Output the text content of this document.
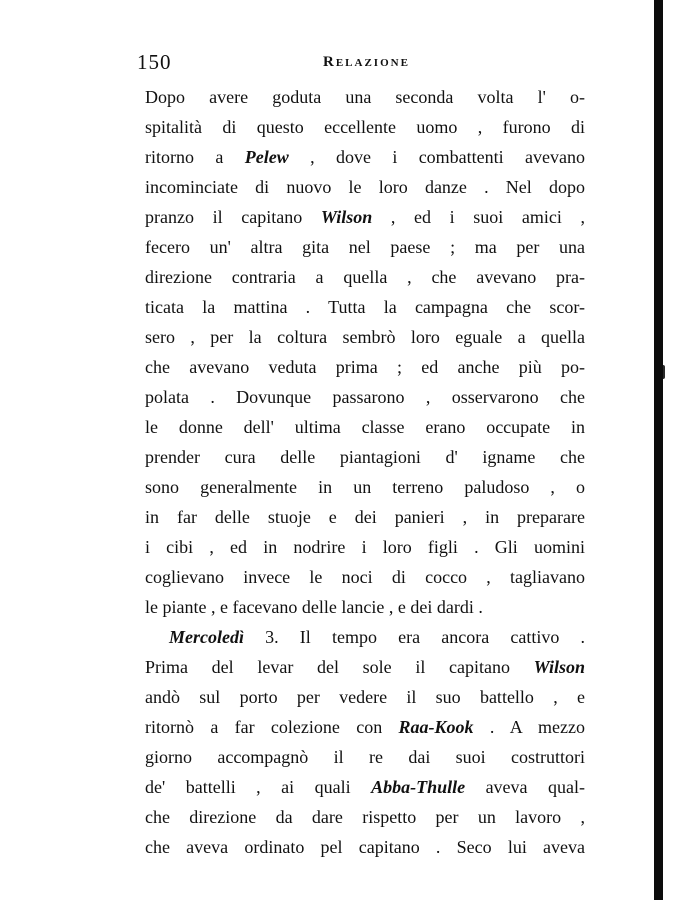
150	Relazione
Dopo avere goduta una seconda volta l' o-
spitalità di questo eccellente uomo , furono di
ritorno a Pelew , dove i combattenti avevano
incominciate di nuovo le loro danze . Nel dopo
pranzo il capitano Wilson , ed i suoi amici ,
fecero un' altra gita nel paese ; ma per una
direzione contraria a quella , che avevano pra-
ticata la mattina . Tutta la campagna che scor-
sero , per la coltura sembrò loro eguale a quella
che avevano veduta prima ; ed anche più po-
polata . Dovunque passarono , osservarono che
le donne dell' ultima classe erano occupate in
prender cura delle piantagioni d' igname che
sono generalmente in un terreno paludoso , o
in far delle stuoje e dei panieri , in preparare
i cibi , ed in nodrire i loro figli . Gli uomini
coglievano invece le noci di cocco , tagliavano
le piante , e facevano delle lancie , e dei dardi .
Mercoledì 3. Il tempo era ancora cattivo .
Prima del levar del sole il capitano Wilson
andò sul porto per vedere il suo battello , e
ritornò a far colezione con Raa-Kook . A mezzo
giorno accompagnò il re dai suoi costruttori
de' battelli , ai quali Abba-Thulle aveva qual-
che direzione da dare rispetto per un lavoro ,
che aveva ordinato pel capitano . Seco lui aveva
